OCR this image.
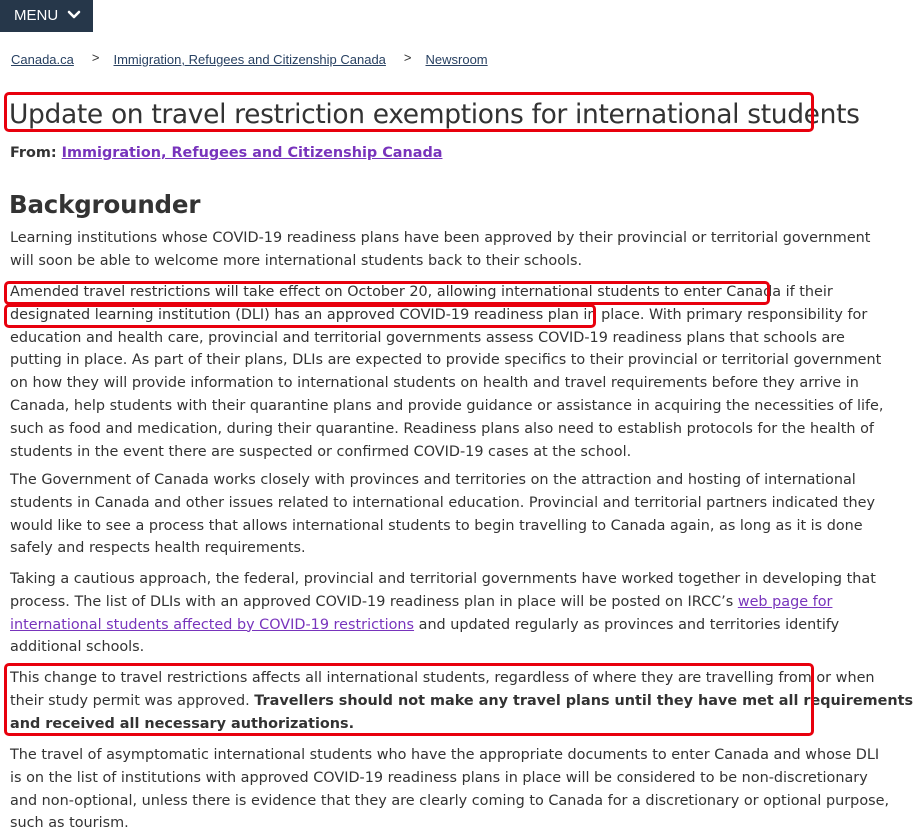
MENU
Canada.ca > Immigration, Refugees and Citizenship Canada > Newsroom
Update on travel restriction exemptions for international students
From: Immigration, Refugees and Citizenship Canada
Backgrounder
Learning institutions whose COVID-19 readiness plans have been approved by their provincial or territorial government
will soon be able to welcome more international students back to their schools.
Amended travel restrictions will take effect on October 20, allowing international students to enter Canada if their
designated learning institution (DLI) has an approved COVID-19 readiness plan in place. With primary responsibility for
education and health care, provincial and territorial governments assess COVID-19 readiness plans that schools are
putting in place. As part of their plans, DLIs are expected to provide specifics to their provincial or territorial government
on how they will provide information to international students on health and travel requirements before they arrive in
Canada, help students with their quarantine plans and provide guidance or assistance in acquiring the necessities of life,
such as food and medication, during their quarantine. Readiness plans also need to establish protocols for the health of
students in the event there are suspected or confirmed COVID-19 cases at the school.
The Government of Canada works closely with provinces and territories on the attraction and hosting of international
students in Canada and other issues related to international education. Provincial and territorial partners indicated they
would like to see a process that allows international students to begin travelling to Canada again, as long as it is done
safely and respects health requirements.
Taking a cautious approach, the federal, provincial and territorial governments have worked together in developing that
process. The list of DLIs with an approved COVID-19 readiness plan in place will be posted on IRCC’s web page for
international students affected by COVID-19 restrictions and updated regularly as provinces and territories identify
additional schools.
This change to travel restrictions affects all international students, regardless of where they are travelling from or when
their study permit was approved. Travellers should not make any travel plans until they have met all requirements
and received all necessary authorizations.
The travel of asymptomatic international students who have the appropriate documents to enter Canada and whose DLI
is on the list of institutions with approved COVID-19 readiness plans in place will be considered to be non-discretionary
and non-optional, unless there is evidence that they are clearly coming to Canada for a discretionary or optional purpose,
such as tourism.
